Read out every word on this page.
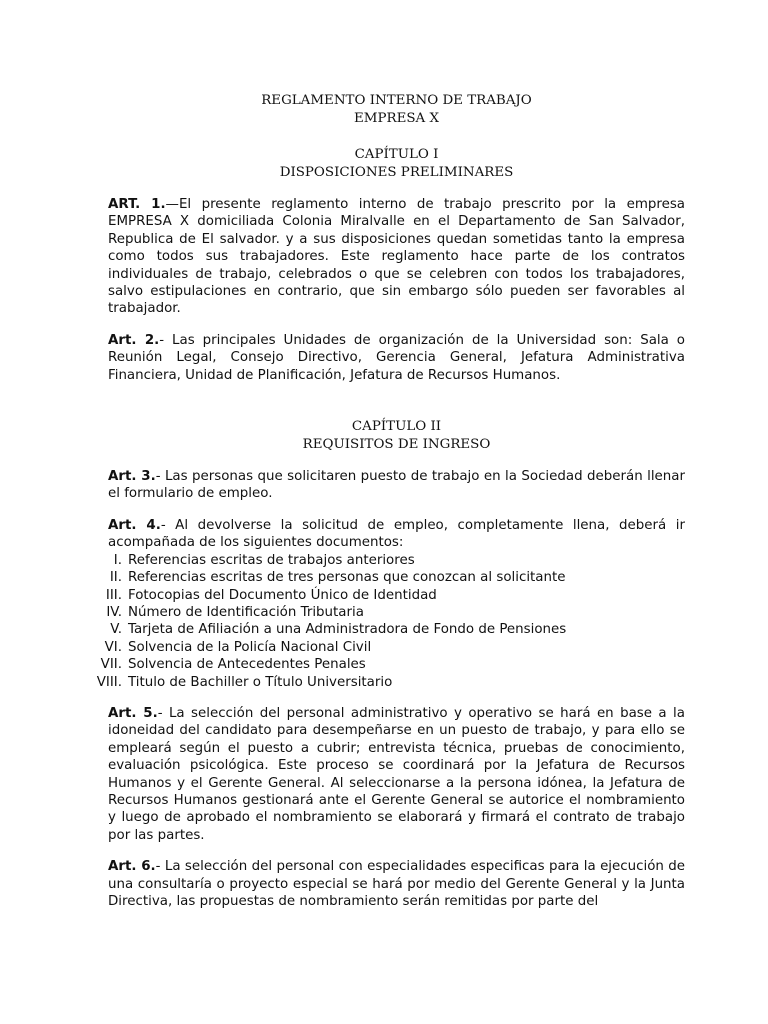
REGLAMENTO INTERNO DE TRABAJO
EMPRESA X
CAPÍTULO I
DISPOSICIONES PRELIMINARES

ART. 1.—El presente reglamento interno de trabajo prescrito por la empresa EMPRESA X domiciliada Colonia Miralvalle en el Departamento de San Salvador, Republica de El salvador. y a sus disposiciones quedan sometidas tanto la empresa como todos sus trabajadores. Este reglamento hace parte de los contratos individuales de trabajo, celebrados o que se celebren con todos los trabajadores, salvo estipulaciones en contrario, que sin embargo sólo pueden ser favorables al trabajador.

Art. 2.- Las principales Unidades de organización de la Universidad son: Sala o Reunión Legal, Consejo Directivo, Gerencia General, Jefatura Administrativa Financiera, Unidad de Planificación, Jefatura de Recursos Humanos.

CAPÍTULO II
REQUISITOS DE INGRESO

Art. 3.- Las personas que solicitaren puesto de trabajo en la Sociedad deberán llenar el formulario de empleo.

Art. 4.- Al devolverse la solicitud de empleo, completamente llena, deberá ir acompañada de los siguientes documentos:

I. Referencias escritas de trabajos anteriores
II. Referencias escritas de tres personas que conozcan al solicitante
III. Fotocopias del Documento Único de Identidad
IV. Número de Identificación Tributaria
V. Tarjeta de Afiliación a una Administradora de Fondo de Pensiones
VI. Solvencia de la Policía Nacional Civil
VII. Solvencia de Antecedentes Penales
VIII. Titulo de Bachiller o Título Universitario

Art. 5.- La selección del personal administrativo y operativo se hará en base a la idoneidad del candidato para desempeñarse en un puesto de trabajo, y para ello se empleará según el puesto a cubrir; entrevista técnica, pruebas de conocimiento, evaluación psicológica. Este proceso se coordinará por la Jefatura de Recursos Humanos y el Gerente General. Al seleccionarse a la persona idónea, la Jefatura de Recursos Humanos gestionará ante el Gerente General se autorice el nombramiento y luego de aprobado el nombramiento se elaborará y firmará el contrato de trabajo por las partes.

Art. 6.- La selección del personal con especialidades especificas para la ejecución de una consultaría o proyecto especial se hará por medio del Gerente General y la Junta Directiva, las propuestas de nombramiento serán remitidas por parte del
